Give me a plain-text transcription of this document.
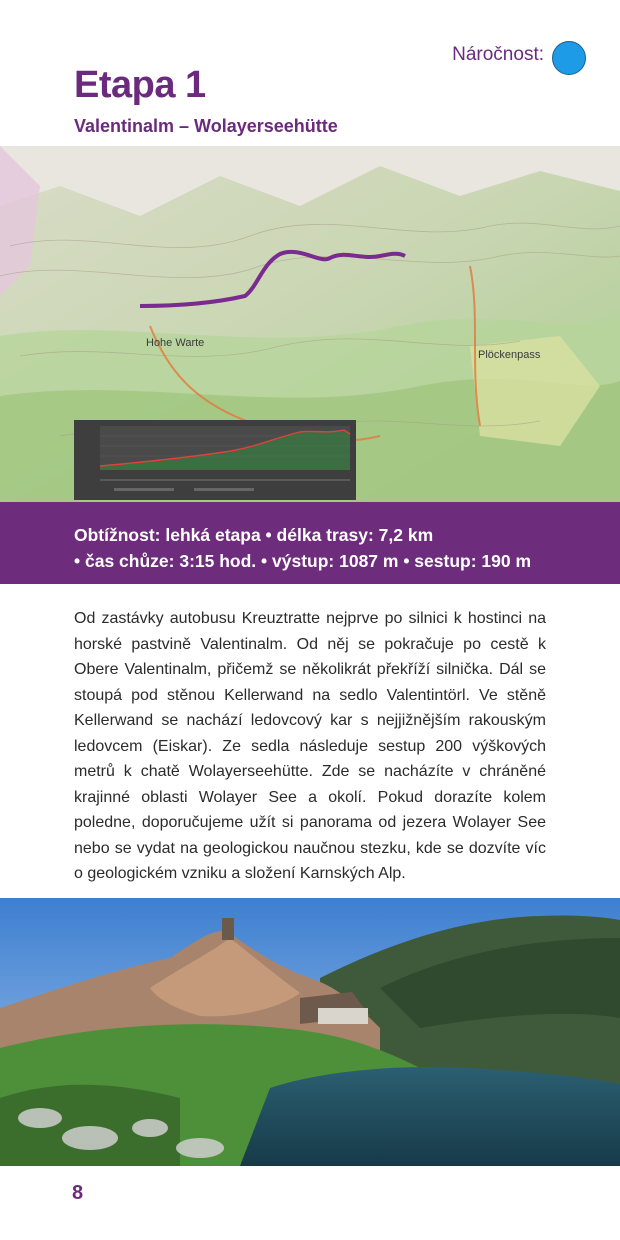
Náročnost:
Etapa 1
Valentinalm – Wolayerseehütte
Hohe Warte
Plöckenpass
Obtížnost: lehká etapa • délka trasy: 7,2 km
• čas chůze: 3:15 hod. • výstup: 1087 m • sestup: 190 m

Od zastávky autobusu Kreuztratte nejprve po silnici k hostinci na horské pastvině Valentinalm. Od něj se pokračuje po cestě k Obere Valentinalm, přičemž se několikrát překříží silnička. Dál se stoupá pod stěnou Kellerwand na sedlo Valentintörl. Ve stěně Kellerwand se nachází ledovcový kar s nejjižnějším rakouským ledovcem (Eiskar). Ze sedla následuje sestup 200 výškových metrů k chatě Wolayerseehütte. Zde se nacházíte v chráněné krajinné oblasti Wolayer See a okolí. Pokud dorazíte kolem poledne, doporučujeme užít si panorama od jezera Wolayer See nebo se vydat na geologickou naučnou stezku, kde se dozvíte víc o geologickém vzniku a složení Karnských Alp.

8
